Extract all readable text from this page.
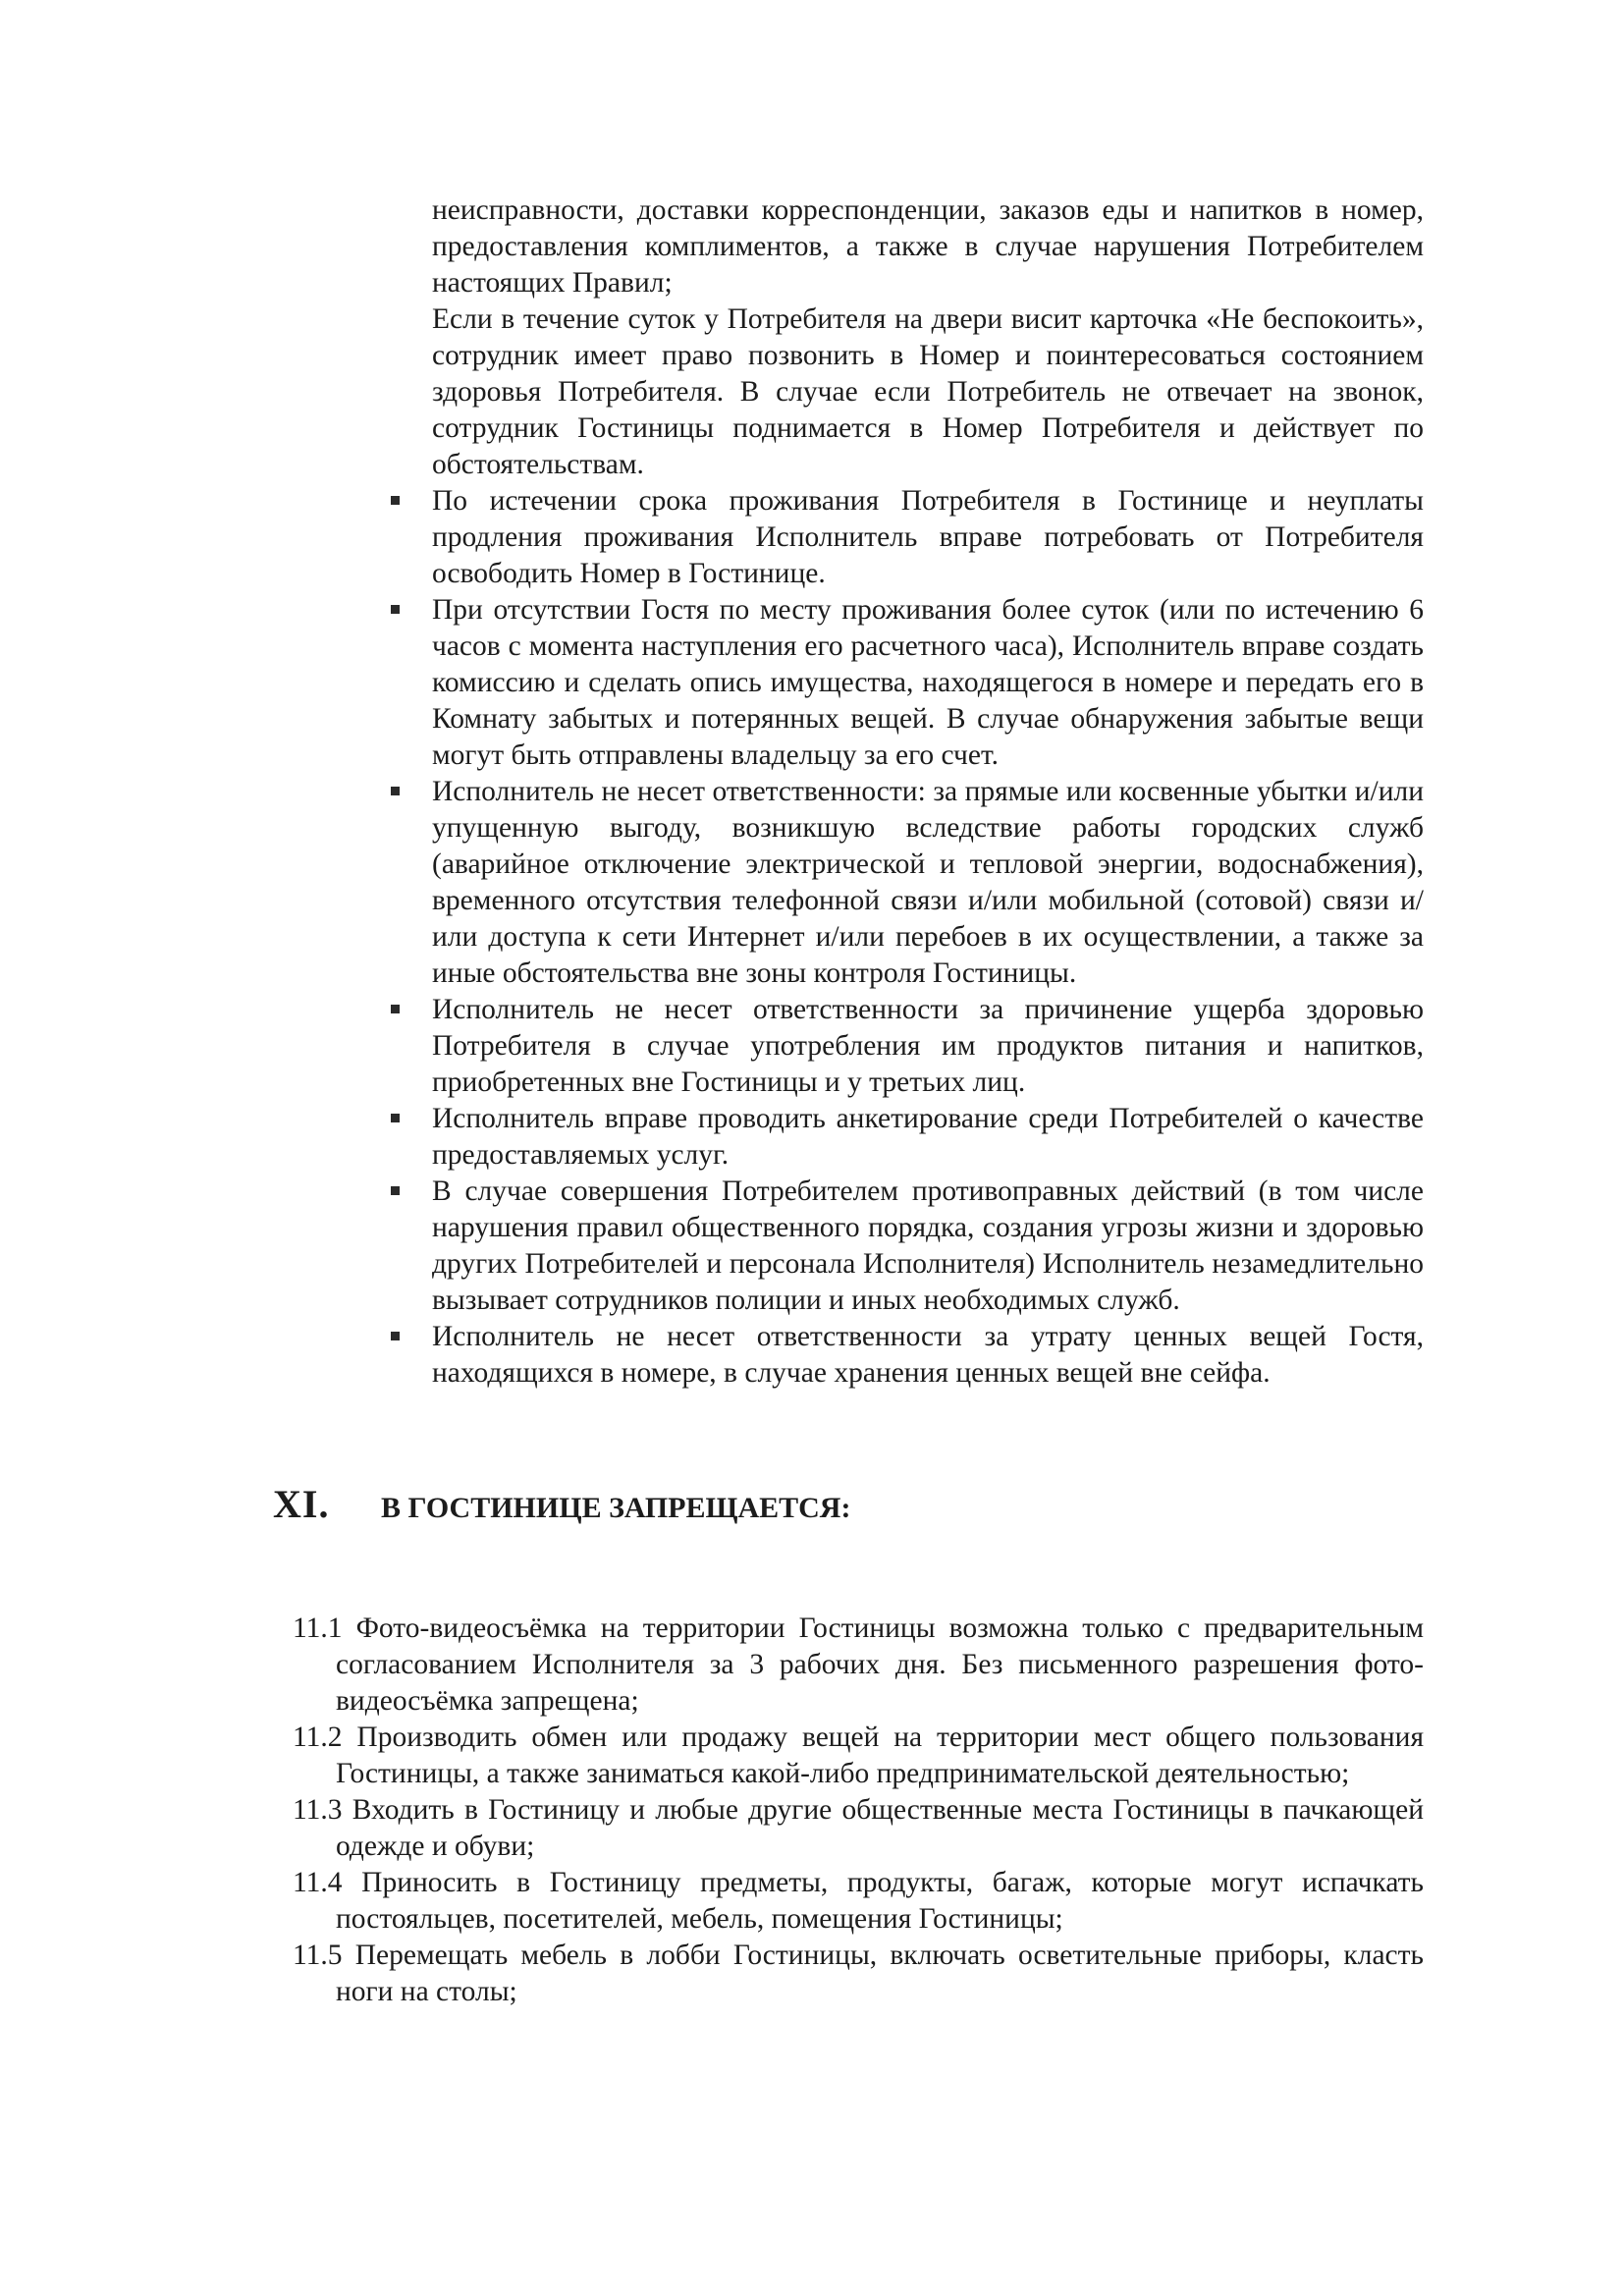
неисправности, доставки корреспонденции, заказов еды и напитков в номер, предоставления комплиментов, а также в случае нарушения Потребителем настоящих Правил;

Если в течение суток у Потребителя на двери висит карточка «Не беспокоить», сотрудник имеет право позвонить в Номер и поинтересоваться состоянием здоровья Потребителя. В случае если Потребитель не отвечает на звонок, сотрудник Гостиницы поднимается в Номер Потребителя и действует по обстоятельствам.

По истечении срока проживания Потребителя в Гостинице и неуплаты продления проживания Исполнитель вправе потребовать от Потребителя освободить Номер в Гостинице.
При отсутствии Гостя по месту проживания более суток (или по истечению 6 часов с момента наступления его расчетного часа), Исполнитель вправе создать комиссию и сделать опись имущества, находящегося в номере и передать его в Комнату забытых и потерянных вещей. В случае обнаружения забытые вещи могут быть отправлены владельцу за его счет.
Исполнитель не несет ответственности: за прямые или косвенные убытки и/или упущенную выгоду, возникшую вследствие работы городских служб (аварийное отключение электрической и тепловой энергии, водоснабжения), временного отсутствия телефонной связи и/или мобильной (сотовой) связи и/или доступа к сети Интернет и/или перебоев в их осуществлении, а также за иные обстоятельства вне зоны контроля Гостиницы.
Исполнитель не несет ответственности за причинение ущерба здоровью Потребителя в случае употребления им продуктов питания и напитков, приобретенных вне Гостиницы и у третьих лиц.
Исполнитель вправе проводить анкетирование среди Потребителей о качестве предоставляемых услуг.
В случае совершения Потребителем противоправных действий (в том числе нарушения правил общественного порядка, создания угрозы жизни и здоровью других Потребителей и персонала Исполнителя) Исполнитель незамедлительно вызывает сотрудников полиции и иных необходимых служб.
Исполнитель не несет ответственности за утрату ценных вещей Гостя, находящихся в номере, в случае хранения ценных вещей вне сейфа.
XI.	В ГОСТИНИЦЕ ЗАПРЕЩАЕТСЯ:
11.1 Фото-видеосъёмка на территории Гостиницы возможна только с предварительным согласованием Исполнителя за 3 рабочих дня. Без письменного разрешения фото-видеосъёмка запрещена;
11.2 Производить обмен или продажу вещей на территории мест общего пользования Гостиницы, а также заниматься какой-либо предпринимательской деятельностью;
11.3 Входить в Гостиницу и любые другие общественные места Гостиницы в пачкающей одежде и обуви;
11.4 Приносить в Гостиницу предметы, продукты, багаж, которые могут испачкать постояльцев, посетителей, мебель, помещения Гостиницы;
11.5 Перемещать мебель в лобби Гостиницы, включать осветительные приборы, класть ноги на столы;
